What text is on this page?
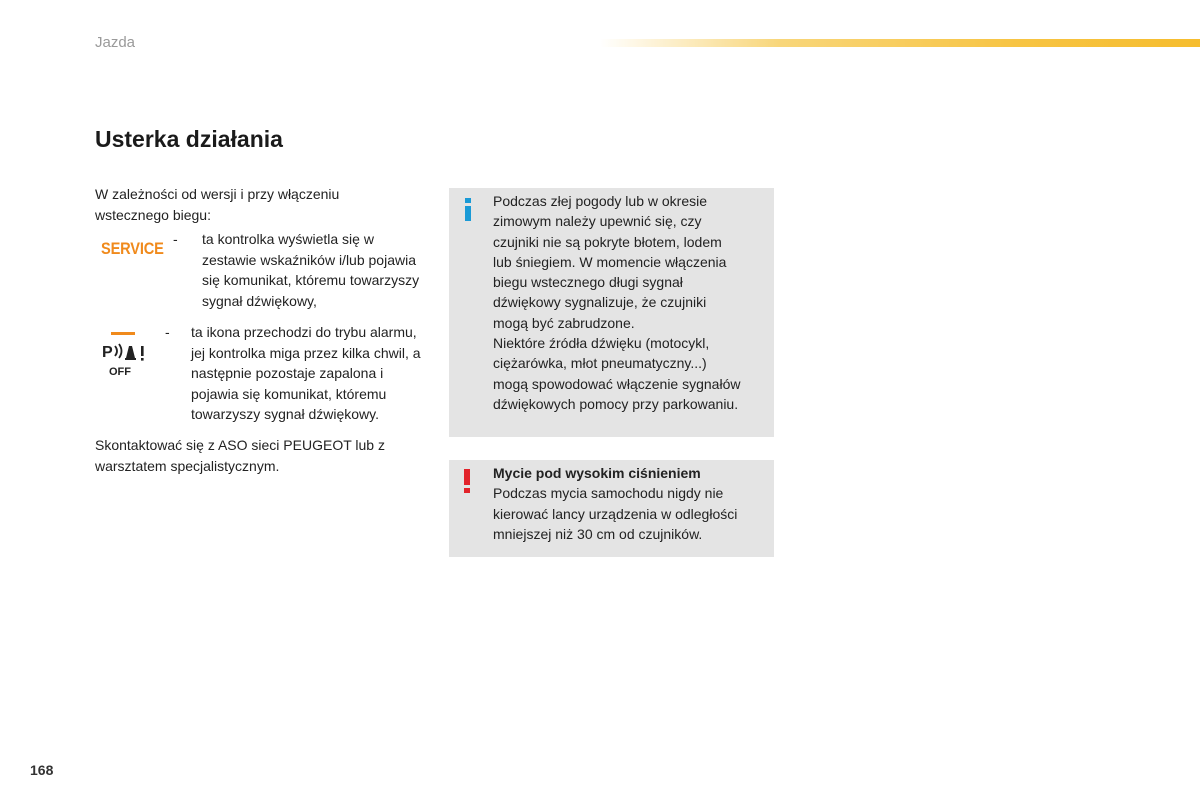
Jazda
Usterka działania
W zależności od wersji i przy włączeniu wstecznego biegu:
SERVICE - ta kontrolka wyświetla się w zestawie wskaźników i/lub pojawia się komunikat, któremu towarzyszy sygnał dźwiękowy,
P
OFF
- ta ikona przechodzi do trybu alarmu, jej kontrolka miga przez kilka chwil, a następnie pozostaje zapalona i pojawia się komunikat, któremu towarzyszy sygnał dźwiękowy.
Skontaktować się z ASO sieci PEUGEOT lub z warsztatem specjalistycznym.
Podczas złej pogody lub w okresie
zimowym należy upewnić się, czy
czujniki nie są pokryte błotem, lodem
lub śniegiem. W momencie włączenia
biegu wstecznego długi sygnał
dźwiękowy sygnalizuje, że czujniki
mogą być zabrudzone.
Niektóre źródła dźwięku (motocykl,
ciężarówka, młot pneumatyczny...)
mogą spowodować włączenie sygnałów
dźwiękowych pomocy przy parkowaniu.
Mycie pod wysokim ciśnieniem
Podczas mycia samochodu nigdy nie
kierować lancy urządzenia w odległości
mniejszej niż 30 cm od czujników.
168
